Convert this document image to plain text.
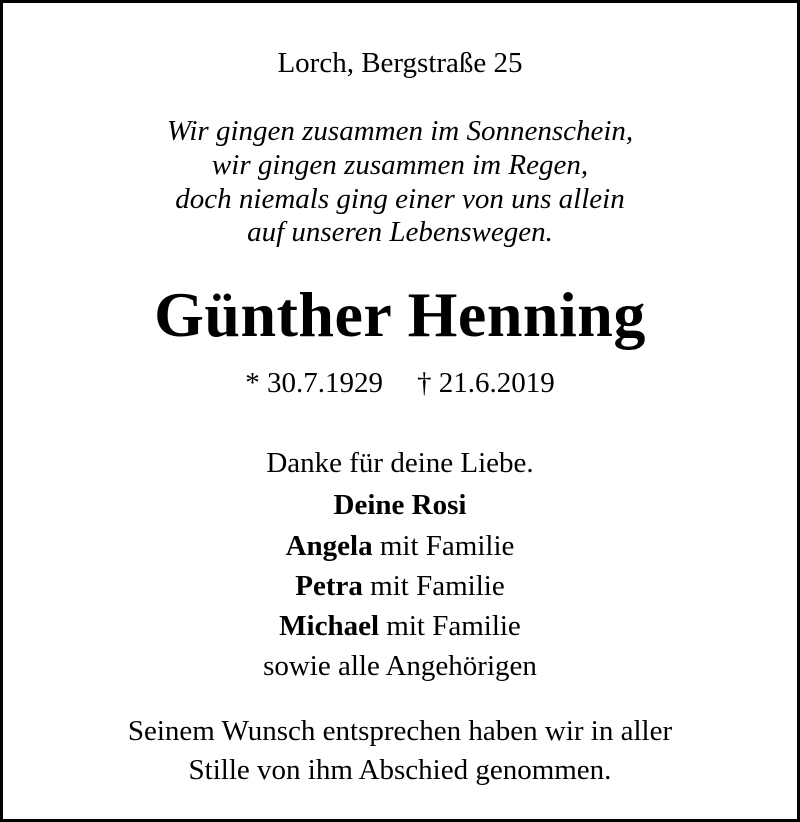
Lorch, Bergstraße 25
Wir gingen zusammen im Sonnenschein,
wir gingen zusammen im Regen,
doch niemals ging einer von uns allein
auf unseren Lebenswegen.
Günther Henning
* 30.7.1929 † 21.6.2019
Danke für deine Liebe.
Deine Rosi
Angela mit Familie
Petra mit Familie
Michael mit Familie
sowie alle Angehörigen
Seinem Wunsch entsprechen haben wir in aller
Stille von ihm Abschied genommen.
